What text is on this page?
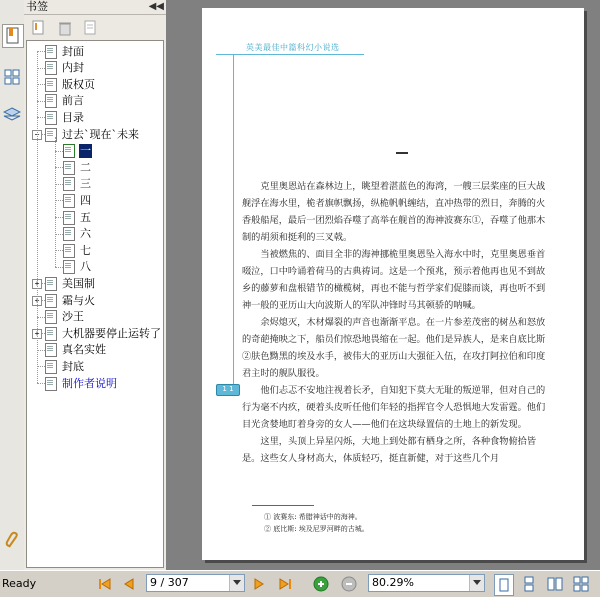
书签	◀◀
封面
内封
版权页
前言
目录
过去`现在`未来
−
一
二
三
四
五
六
七
八
美国制
+
霜与火
+
沙王
大机器要停止运转了
+
真名实姓
封底
制作者说明
英美最佳中篇科幻小说选
1 1

克里奥恩站在森林边上，眺望着湛蓝色的海湾，一艘三层桨座的巨大战舰浮在海水里，桅者旗帜飘扬，纵桅帆帆缠结，直冲热带的烈日，奔腾的火香般船尾，最后一团烈焰吞噬了高举在舰首的海神波赛东①，吞噬了他那木制的胡须和挺利的三叉戟。

当被燃焦的、面目全非的海神挪桅里奥恩坠入海水中时，克里奥恩垂首啜泣，口中吟诵着荷马的古典祷词。这是一个预兆，预示着他再也见不到故乡的藤萝和盘根错节的橄榄树，再也不能与哲学家们促膝而谈，再也听不到神一般的亚历山大向波斯人的军队冲锋时马其顿骄的呐喊。

余烬熄灭，木材爆裂的声音也渐渐平息。在一片参差茂密的树丛和怒放的奇葩掩映之下，船员们惊恐地畏缩在一起。他们是异族人，是来自底比斯②肤色黝黑的埃及水手，被伟大的亚历山大强征入伍，在攻打阿拉伯和印度君主时的舰队服役。

他们忐忑不安地注视着长矛，自知犯下莫大无耻的叛逆罪，但对自己的行为毫不内疚，硬着头皮听任他们年轻的指挥官令人恐惧地大发雷霆。他们目光贪婪地盯着身旁的女人——他们在这块绿置信的土地上的新发现。

这里，头顶上异星闪烁，大地上到处都有栖身之所，各种食物俯拾皆是。这些女人身材高大，体质轻巧，挺直新健，对于这些几个月

① 波赛东: 希腊神话中的海神。
② 底比斯: 埃及尼罗河畔的古城。
Ready	9 / 307	80.29%
